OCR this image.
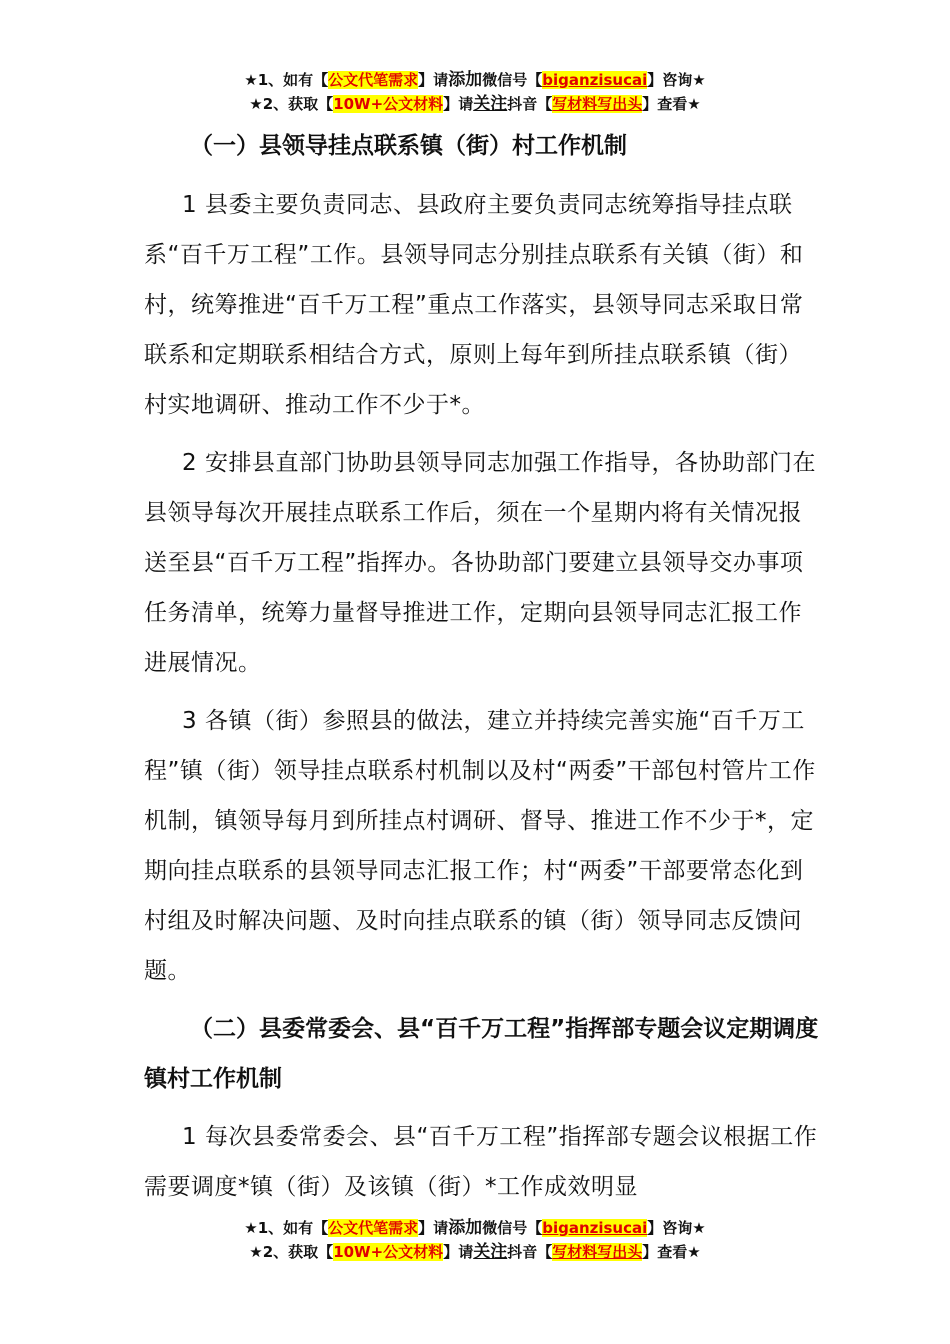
★1、如有【公文代笔需求】请添加微信号【biganzisucai】咨询★
★2、获取【10W+公文材料】请关注抖音【写材料写出头】查看★
（一）县领导挂点联系镇（街）村工作机制

1 县委主要负责同志、县政府主要负责同志统筹指导挂点联系“百千万工程”工作。县领导同志分别挂点联系有关镇（街）和村，统筹推进“百千万工程”重点工作落实，县领导同志采取日常联系和定期联系相结合方式，原则上每年到所挂点联系镇（街）村实地调研、推动工作不少于*。

2 安排县直部门协助县领导同志加强工作指导，各协助部门在县领导每次开展挂点联系工作后，须在一个星期内将有关情况报送至县“百千万工程”指挥办。各协助部门要建立县领导交办事项任务清单，统筹力量督导推进工作，定期向县领导同志汇报工作进展情况。

3 各镇（街）参照县的做法，建立并持续完善实施“百千万工程”镇（街）领导挂点联系村机制以及村“两委”干部包村管片工作机制，镇领导每月到所挂点村调研、督导、推进工作不少于*，定期向挂点联系的县领导同志汇报工作；村“两委”干部要常态化到村组及时解决问题、及时向挂点联系的镇（街）领导同志反馈问题。

（二）县委常委会、县“百千万工程”指挥部专题会议定期调度镇村工作机制

1 每次县委常委会、县“百千万工程”指挥部专题会议根据工作需要调度*镇（街）及该镇（街）*工作成效明显

★1、如有【公文代笔需求】请添加微信号【biganzisucai】咨询★
★2、获取【10W+公文材料】请关注抖音【写材料写出头】查看★
